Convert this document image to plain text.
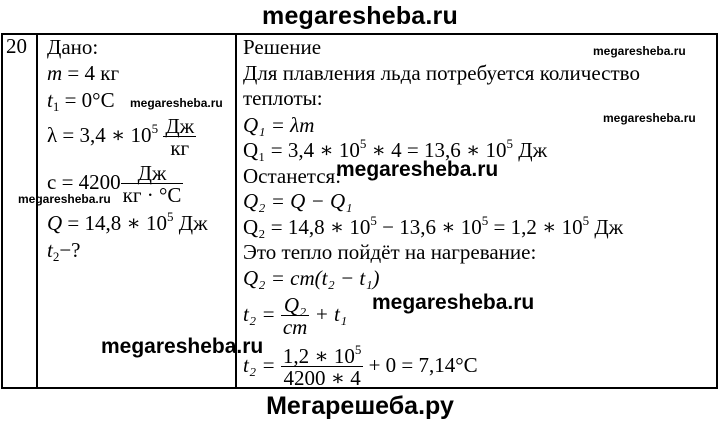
megaresheba.ru
20 Дано:
m = 4 кг
$t_1 = 0^\circ C$
λ = 3,4 ∗ $10^5 \frac{Дж}{кг}$
$c = 4200 \frac{Дж}{кг \cdot ^\circ C}$
Q = 14,8 ∗ $10^5$ Дж
$t_2-$?
Решение
Для плавления льда потребуется количество
теплоты:
Q₁ = λm
Q₁ = 3,4 ∗ $10^5$ ∗ 4 = 13,6 ∗ $10^5$ Дж
Останется:
Q₂ = Q − Q₁
Q₂ = 14,8 ∗ $10^5 - 13,6$ ∗ $10^5 = 1,2$ ∗ $10^5$ Дж
Это тепло пойдёт на нагревание:
Q₂ = cm(t₂ − t₁)
$t_2 = \frac{\text{Q₂}}{cm} + t_1$
$t_2 = \frac{1,2 ∗ 10^5}{4200 ∗ 4} + 0 = 7,14^\circ C$
megaresheba.ru
megaresheba.ru
megaresheba.ru
megaresheba.ru
megaresheba.ru
megaresheba.ru
megaresheba.ru
Мегарешеба.ру
